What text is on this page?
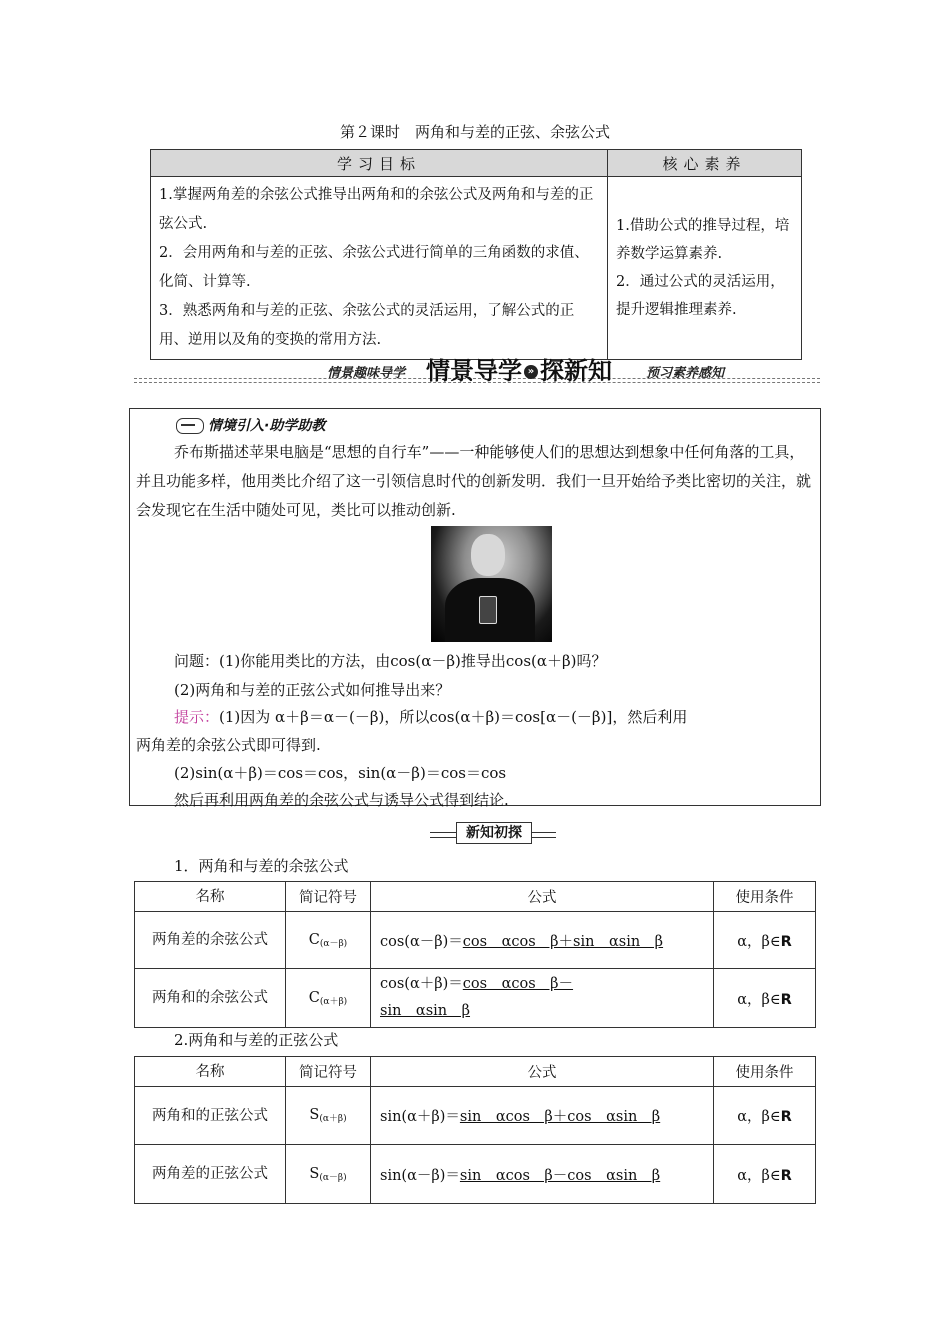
第２课时　两角和与差的正弦、余弦公式
学习目标	核心素养

1.掌握两角差的余弦公式推导出两角和的余弦公式及两角和与差的正弦公式.
2．会用两角和与差的正弦、余弦公式进行简单的三角函数的求值、化简、计算等.
3．熟悉两角和与差的正弦、余弦公式的灵活运用，了解公式的正用、逆用以及角的变换的常用方法.	1.借助公式的推导过程，培养数学运算素养.
2．通过公式的灵活运用，提升逻辑推理素养.
情景趣味导学 情景导学 » 探新知	预习素养感知
情境引入·助学助教
乔布斯描述苹果电脑是“思想的自行车”——一种能够使人们的思想达到想象中任何角落的工具，并且功能多样，他用类比介绍了这一引领信息时代的创新发明．我们一旦开始给予类比密切的关注，就会发现它在生活中随处可见，类比可以推动创新.
问题：(1)你能用类比的方法，由cos(α－β)推导出cos(α＋β)吗？
(2)两角和与差的正弦公式如何推导出来？
提示：(1)因为 α＋β＝α－(－β)，所以cos(α＋β)＝cos[α－(－β)]，然后利用
两角差的余弦公式即可得到.
(2)sin(α＋β)＝cos＝cos，sin(α－β)＝cos＝cos
然后再利用两角差的余弦公式与诱导公式得到结论.
新知初探
1．两角和与差的余弦公式
名称	简记符号	公式	使用条件
两角差的余弦公式	$C_{(\alpha-\beta)}$	cos(α－β)＝cos　αcos　β＋sin　αsin　β	α，β∈R
两角和的余弦公式	$C_{(\alpha+\beta)}$	cos(α＋β)＝cos　αcos　β－
sin　αsin　β	α，β∈R
2.两角和与差的正弦公式
名称	简记符号	公式	使用条件
两角和的正弦公式	$S_{(\alpha+\beta)}$	sin(α＋β)＝sin　αcos　β＋cos　αsin　β	α，β∈R
两角差的正弦公式	$S_{(\alpha-\beta)}$	sin(α－β)＝sin　αcos　β－cos　αsin　β	α，β∈R
